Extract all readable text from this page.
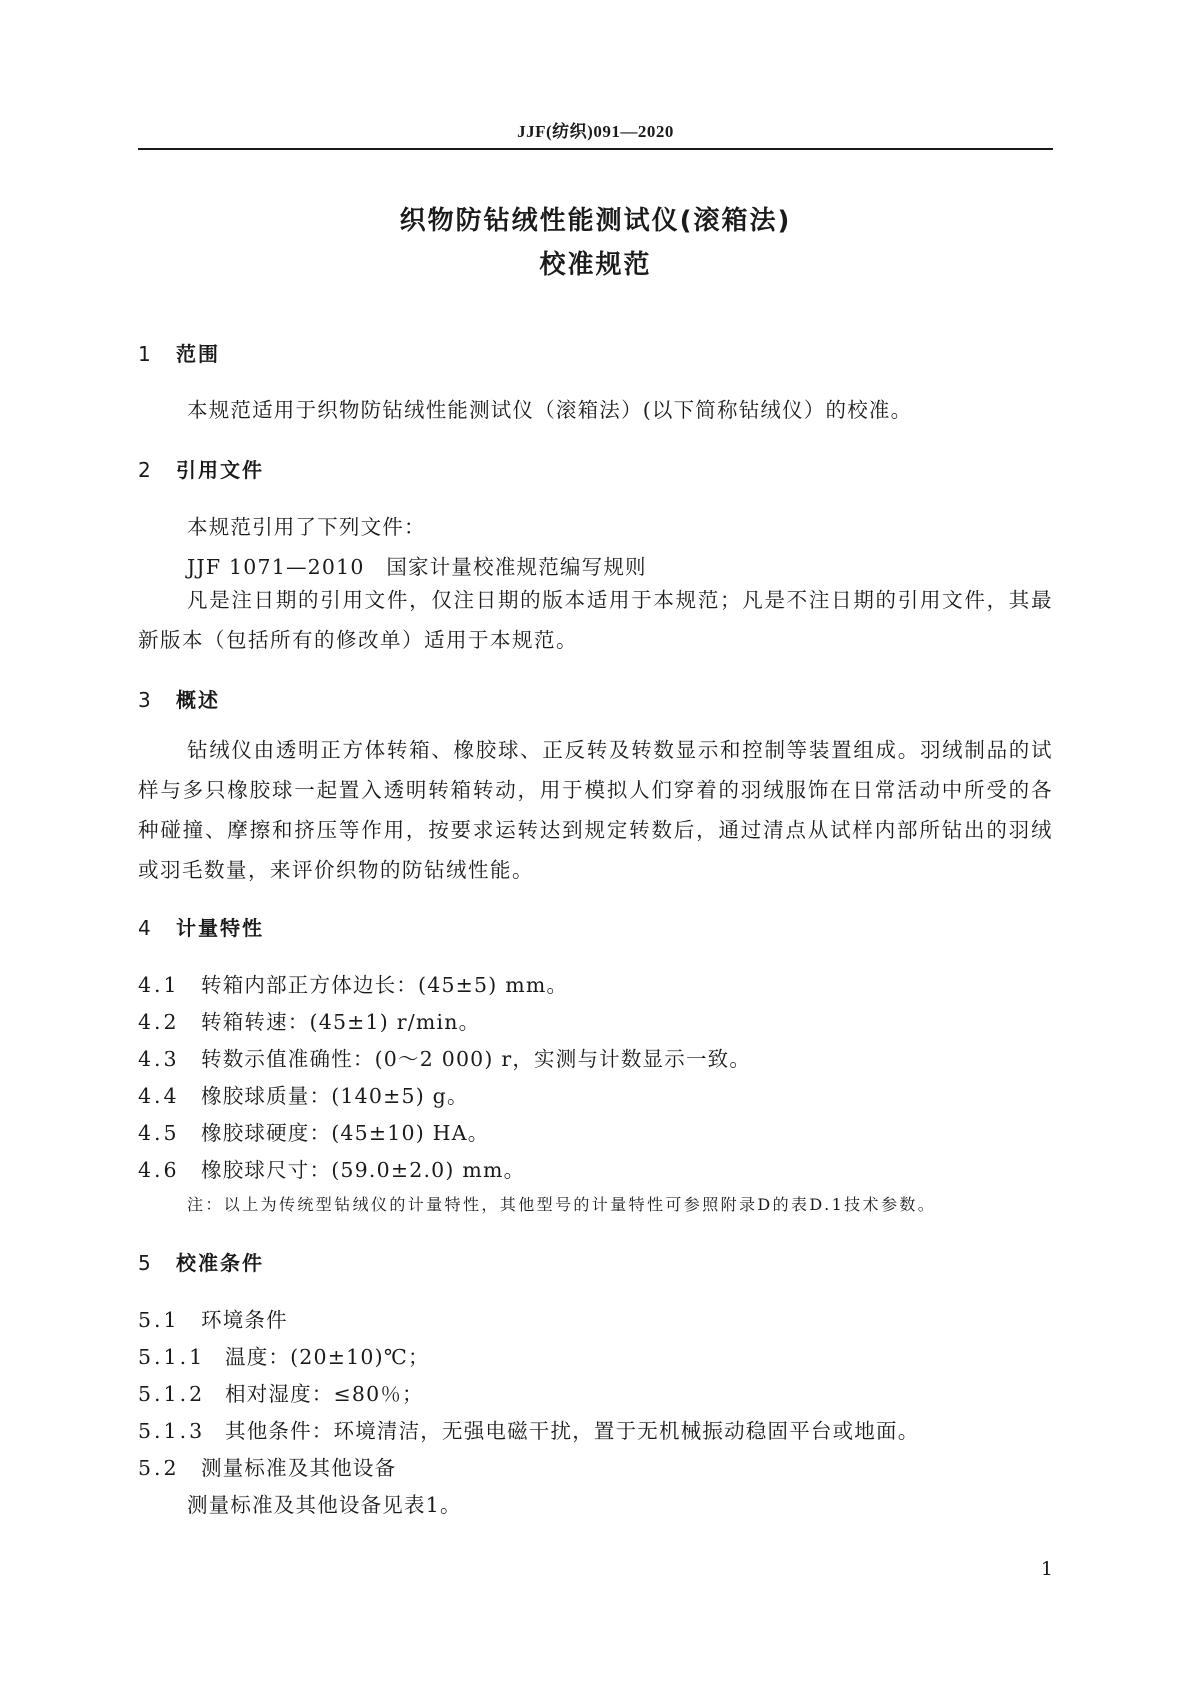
JJF(纺织)091—2020
织物防钻绒性能测试仪(滚箱法)
校准规范
1 范围
本规范适用于织物防钻绒性能测试仪（滚箱法）(以下简称钻绒仪）的校准。
2 引用文件
本规范引用了下列文件：
JJF 1071—2010　国家计量校准规范编写规则
凡是注日期的引用文件，仅注日期的版本适用于本规范；凡是不注日期的引用文件，其最新版本（包括所有的修改单）适用于本规范。
3 概述
钻绒仪由透明正方体转箱、橡胶球、正反转及转数显示和控制等装置组成。羽绒制品的试样与多只橡胶球一起置入透明转箱转动，用于模拟人们穿着的羽绒服饰在日常活动中所受的各种碰撞、摩擦和挤压等作用，按要求运转达到规定转数后，通过清点从试样内部所钻出的羽绒或羽毛数量，来评价织物的防钻绒性能。
4 计量特性
4.1 转箱内部正方体边长：(45±5) mm。
4.2 转箱转速：(45±1) r/min。
4.3 转数示值准确性：(0～2 000) r，实测与计数显示一致。
4.4 橡胶球质量：(140±5) g。
4.5 橡胶球硬度：(45±10) HA。
4.6 橡胶球尺寸：(59.0±2.0) mm。
注：以上为传统型钻绒仪的计量特性，其他型号的计量特性可参照附录D的表D.1技术参数。
5 校准条件
5.1 环境条件
5.1.1 温度：(20±10)℃；
5.1.2 相对湿度：≤80％；
5.1.3 其他条件：环境清洁，无强电磁干扰，置于无机械振动稳固平台或地面。
5.2 测量标准及其他设备
测量标准及其他设备见表1。
1
